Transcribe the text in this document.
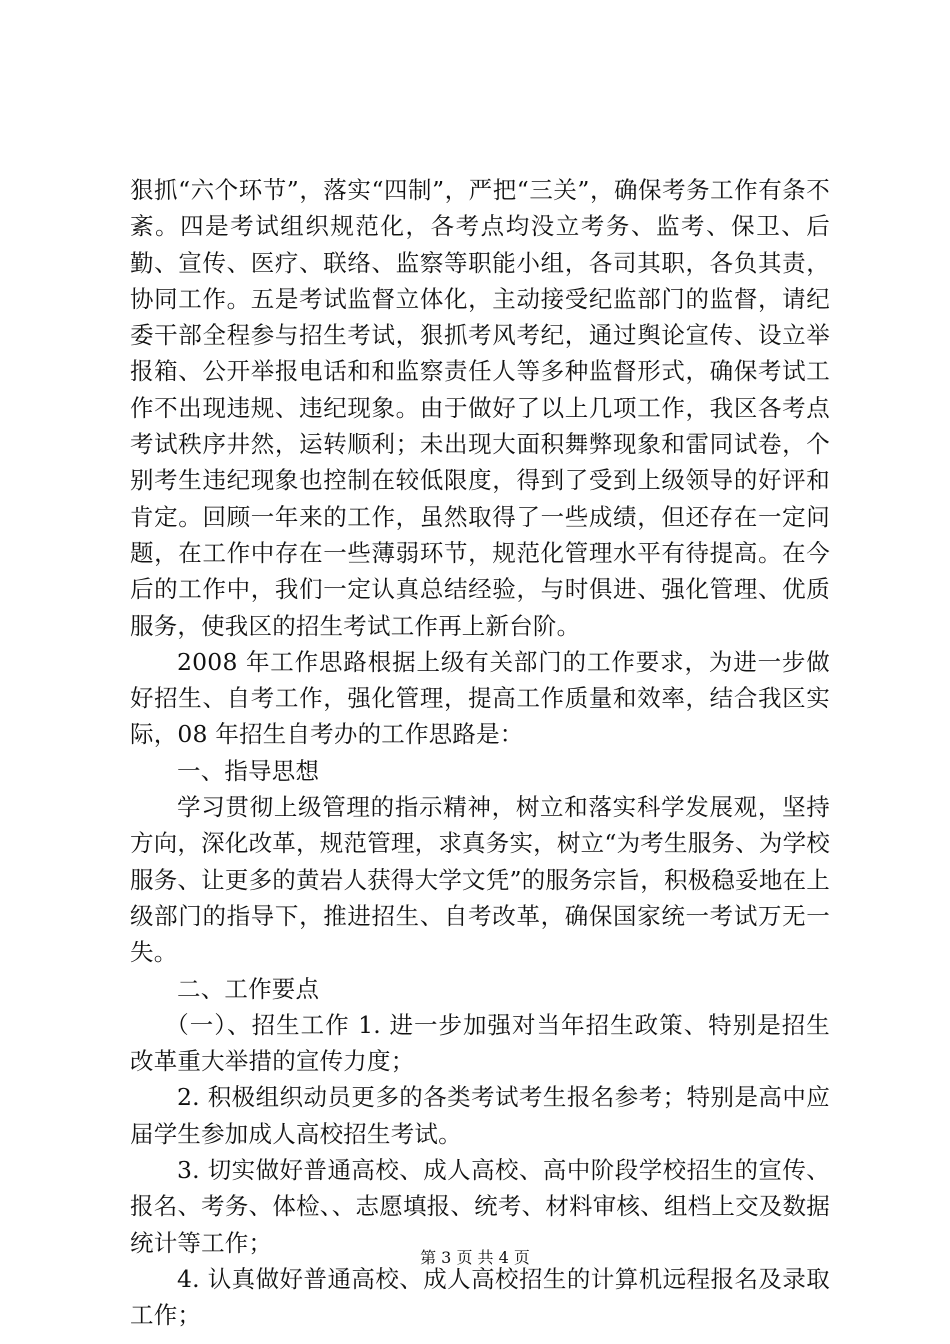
狠抓“六个环节”，落实“四制”，严把“三关”，确保考务工作有条不紊。四是考试组织规范化，各考点均没立考务、监考、保卫、后勤、宣传、医疗、联络、监察等职能小组，各司其职，各负其责，协同工作。五是考试监督立体化，主动接受纪监部门的监督，请纪委干部全程参与招生考试，狠抓考风考纪，通过舆论宣传、设立举报箱、公开举报电话和和监察责任人等多种监督形式，确保考试工作不出现违规、违纪现象。由于做好了以上几项工作，我区各考点考试秩序井然，运转顺利；未出现大面积舞弊现象和雷同试卷，个别考生违纪现象也控制在较低限度，得到了受到上级领导的好评和肯定。回顾一年来的工作，虽然取得了一些成绩，但还存在一定问题，在工作中存在一些薄弱环节，规范化管理水平有待提高。在今后的工作中，我们一定认真总结经验，与时俱进、强化管理、优质服务，使我区的招生考试工作再上新台阶。

2008 年工作思路根据上级有关部门的工作要求，为进一步做好招生、自考工作，强化管理，提高工作质量和效率，结合我区实际，08 年招生自考办的工作思路是：

一、指导思想

学习贯彻上级管理的指示精神，树立和落实科学发展观，坚持方向，深化改革，规范管理，求真务实，树立“为考生服务、为学校服务、让更多的黄岩人获得大学文凭”的服务宗旨，积极稳妥地在上级部门的指导下，推进招生、自考改革，确保国家统一考试万无一失。

二、工作要点

（一）、招生工作 1. 进一步加强对当年招生政策、特别是招生改革重大举措的宣传力度；

2. 积极组织动员更多的各类考试考生报名参考；特别是高中应届学生参加成人高校招生考试。

3. 切实做好普通高校、成人高校、高中阶段学校招生的宣传、报名、考务、体检、、志愿填报、统考、材料审核、组档上交及数据统计等工作；

4. 认真做好普通高校、成人高校招生的计算机远程报名及录取工作；

第 3 页 共 4 页
